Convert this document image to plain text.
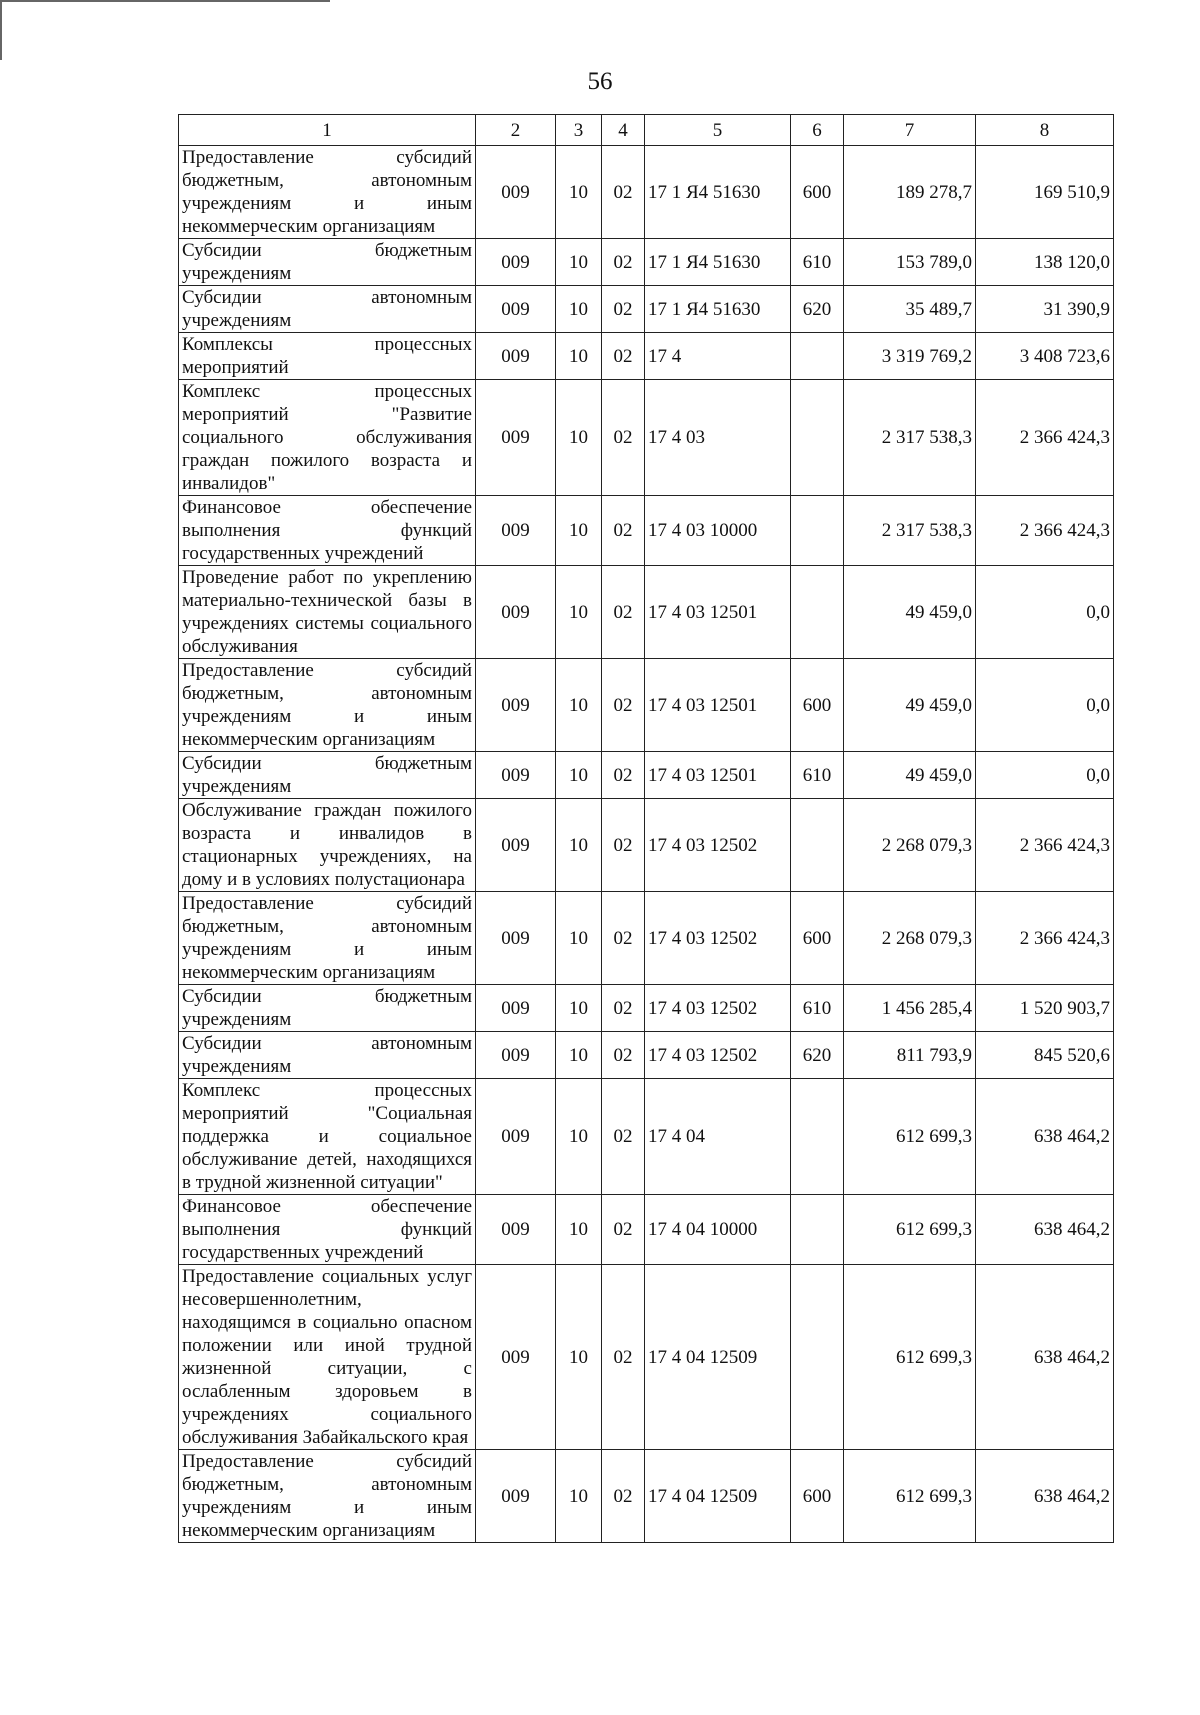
56
1	2	3	4	5	6	7	8
Предоставление субсидий бюджетным, автономным учреждениям и иным некоммерческим организациям	009	10	02	17 1 Я4 51630	600	189 278,7	169 510,9
Субсидии бюджетным учреждениям	009	10	02	17 1 Я4 51630	610	153 789,0	138 120,0
Субсидии автономным учреждениям	009	10	02	17 1 Я4 51630	620	35 489,7	31 390,9
Комплексы процессных мероприятий	009	10	02	17 4		3 319 769,2	3 408 723,6
Комплекс процессных мероприятий "Развитие социального обслуживания граждан пожилого возраста и инвалидов"	009	10	02	17 4 03		2 317 538,3	2 366 424,3
Финансовое обеспечение выполнения функций государственных учреждений	009	10	02	17 4 03 10000		2 317 538,3	2 366 424,3
Проведение работ по укреплению материально-технической базы в учреждениях системы социального обслуживания	009	10	02	17 4 03 12501		49 459,0	0,0
Предоставление субсидий бюджетным, автономным учреждениям и иным некоммерческим организациям	009	10	02	17 4 03 12501	600	49 459,0	0,0
Субсидии бюджетным учреждениям	009	10	02	17 4 03 12501	610	49 459,0	0,0
Обслуживание граждан пожилого возраста и инвалидов в стационарных учреждениях, на дому и в условиях полустационара	009	10	02	17 4 03 12502		2 268 079,3	2 366 424,3
Предоставление субсидий бюджетным, автономным учреждениям и иным некоммерческим организациям	009	10	02	17 4 03 12502	600	2 268 079,3	2 366 424,3
Субсидии бюджетным учреждениям	009	10	02	17 4 03 12502	610	1 456 285,4	1 520 903,7
Субсидии автономным учреждениям	009	10	02	17 4 03 12502	620	811 793,9	845 520,6
Комплекс процессных мероприятий "Социальная поддержка и социальное обслуживание детей, находящихся в трудной жизненной ситуации"	009	10	02	17 4 04		612 699,3	638 464,2
Финансовое обеспечение выполнения функций государственных учреждений	009	10	02	17 4 04 10000		612 699,3	638 464,2
Предоставление социальных услуг несовершеннолетним, находящимся в социально опасном положении или иной трудной жизненной ситуации, с ослабленным здоровьем в учреждениях социального обслуживания Забайкальского края	009	10	02	17 4 04 12509		612 699,3	638 464,2
Предоставление субсидий бюджетным, автономным учреждениям и иным некоммерческим организациям	009	10	02	17 4 04 12509	600	612 699,3	638 464,2
